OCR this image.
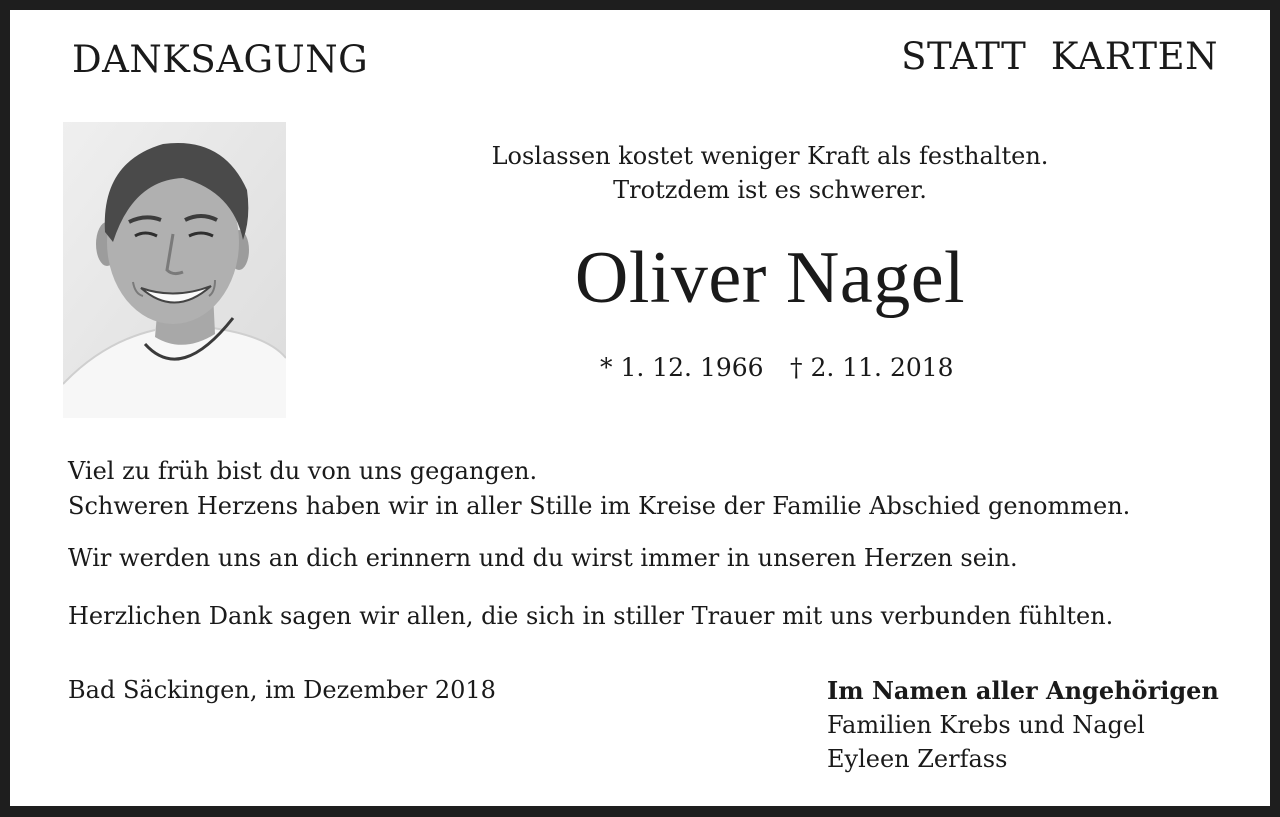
DANKSAGUNG	STATT  KARTEN
Loslassen kostet weniger Kraft als festhalten.
Trotzdem ist es schwerer.
Oliver Nagel
* 1. 12. 1966 † 2. 11. 2018
Viel zu früh bist du von uns gegangen.
Schweren Herzens haben wir in aller Stille im Kreise der Familie Abschied genommen.
Wir werden uns an dich erinnern und du wirst immer in unseren Herzen sein.
Herzlichen Dank sagen wir allen, die sich in stiller Trauer mit uns verbunden fühlten.
Bad Säckingen, im Dezember 2018	Im Namen aller Angehörigen
Familien Krebs und Nagel
Eyleen Zerfass
